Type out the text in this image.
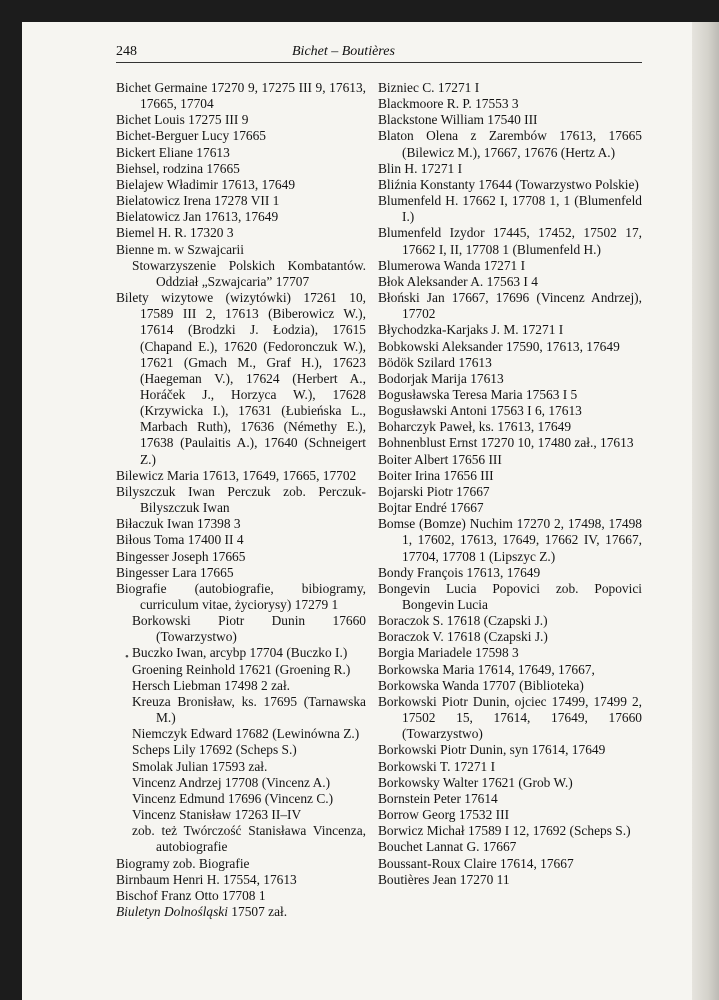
248	Bichet – Boutières
Bichet Germaine 17270 9, 17275 III 9, 17613, 17665, 17704
Bichet Louis 17275 III 9
Bichet-Berguer Lucy 17665
Bickert Eliane 17613
Biehsel, rodzina 17665
Bielajew Władimir 17613, 17649
Bielatowicz Irena 17278 VII 1
Bielatowicz Jan 17613, 17649
Biemel H. R. 17320 3
Bienne m. w Szwajcarii
Stowarzyszenie Polskich Kombatantów. Oddział „Szwajcaria” 17707
Bilety wizytowe (wizytówki) 17261 10, 17589 III 2, 17613 (Biberowicz W.), 17614 (Brodzki J. Łodzia), 17615 (Chapand E.), 17620 (Fedoronczuk W.), 17621 (Gmach M., Graf H.), 17623 (Haegeman V.), 17624 (Herbert A., Horáček J., Horzyca W.), 17628 (Krzywicka I.), 17631 (Łubieńska L., Marbach Ruth), 17636 (Némethy E.), 17638 (Paulaitis A.), 17640 (Schneigert Z.)
Bilewicz Maria 17613, 17649, 17665, 17702
Bilyszczuk Iwan Perczuk zob. Perczuk-Bilyszczuk Iwan
Biłaczuk Iwan 17398 3
Biłous Toma 17400 II 4
Bingesser Joseph 17665
Bingesser Lara 17665
Biografie (autobiografie, bibiogramy, curriculum vitae, życiorysy) 17279 1
Borkowski Piotr Dunin 17660 (Towarzystwo)
Buczko Iwan, arcybp 17704 (Buczko I.)
Groening Reinhold 17621 (Groening R.)
Hersch Liebman 17498 2 zał.
Kreuza Bronisław, ks. 17695 (Tarnawska M.)
Niemczyk Edward 17682 (Lewinówna Z.)
Scheps Lily 17692 (Scheps S.)
Smolak Julian 17593 zał.
Vincenz Andrzej 17708 (Vincenz A.)
Vincenz Edmund 17696 (Vincenz C.)
Vincenz Stanisław 17263 II–IV
zob. też Twórczość Stanisława Vincenza, autobiografie
Biogramy zob. Biografie
Birnbaum Henri H. 17554, 17613
Bischof Franz Otto 17708 1
Biuletyn Dolnośląski 17507 zał.
Bizniec C. 17271 I
Blackmoore R. P. 17553 3
Blackstone William 17540 III
Blaton Olena z Zarembów 17613, 17665 (Bilewicz M.), 17667, 17676 (Hertz A.)
Blin H. 17271 I
Bliźnia Konstanty 17644 (Towarzystwo Polskie)
Blumenfeld H. 17662 I, 17708 1, 1 (Blumenfeld I.)
Blumenfeld Izydor 17445, 17452, 17502 17, 17662 I, II, 17708 1 (Blumenfeld H.)
Blumerowa Wanda 17271 I
Błok Aleksander A. 17563 I 4
Błoński Jan 17667, 17696 (Vincenz Andrzej), 17702
Błychodzka-Karjaks J. M. 17271 I
Bobkowski Aleksander 17590, 17613, 17649
Bödök Szilard 17613
Bodorjak Marija 17613
Bogusławska Teresa Maria 17563 I 5
Bogusławski Antoni 17563 I 6, 17613
Boharczyk Paweł, ks. 17613, 17649
Bohnenblust Ernst 17270 10, 17480 zał., 17613
Boiter Albert 17656 III
Boiter Irina 17656 III
Bojarski Piotr 17667
Bojtar Endré 17667
Bomse (Bomze) Nuchim 17270 2, 17498, 17498 1, 17602, 17613, 17649, 17662 IV, 17667, 17704, 17708 1 (Lipszyc Z.)
Bondy François 17613, 17649
Bongevin Lucia Popovici zob. Popovici Bongevin Lucia
Boraczok S. 17618 (Czapski J.)
Boraczok V. 17618 (Czapski J.)
Borgia Mariadele 17598 3
Borkowska Maria 17614, 17649, 17667,
Borkowska Wanda 17707 (Biblioteka)
Borkowski Piotr Dunin, ojciec 17499, 17499 2, 17502 15, 17614, 17649, 17660 (Towarzystwo)
Borkowski Piotr Dunin, syn 17614, 17649
Borkowski T. 17271 I
Borkowsky Walter 17621 (Grob W.)
Bornstein Peter 17614
Borrow Georg 17532 III
Borwicz Michał 17589 I 12, 17692 (Scheps S.)
Bouchet Lannat G. 17667
Boussant-Roux Claire 17614, 17667
Boutières Jean 17270 11
•
